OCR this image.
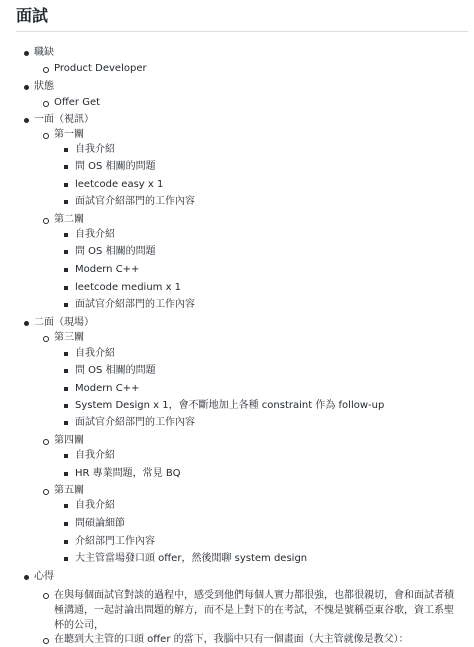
面試
職缺
Product Developer
狀態
Offer Get
一面（視訊）
第一關
自我介紹
問 OS 相關的問題
leetcode easy x 1
面試官介紹部門的工作內容
第二關
自我介紹
問 OS 相關的問題
Modern C++
leetcode medium x 1
面試官介紹部門的工作內容
二面（現場）
第三關
自我介紹
問 OS 相關的問題
Modern C++
System Design x 1，會不斷地加上各種 constraint 作為 follow-up
面試官介紹部門的工作內容
第四關
自我介紹
HR 專業問題，常見 BQ
第五關
自我介紹
問碩論細節
介紹部門工作內容
大主管當場發口頭 offer，然後閒聊 system design
心得
在與每個面試官對談的過程中，感受到他們每個人實力都很強，也都很親切，會和面試者積極溝通，一起討論出問題的解方，而不是上對下的在考試，不愧是號稱亞東谷歌，資工系聖杯的公司，
在聽到大主管的口頭 offer 的當下，我腦中只有一個畫面（大主管就像是教父）：
